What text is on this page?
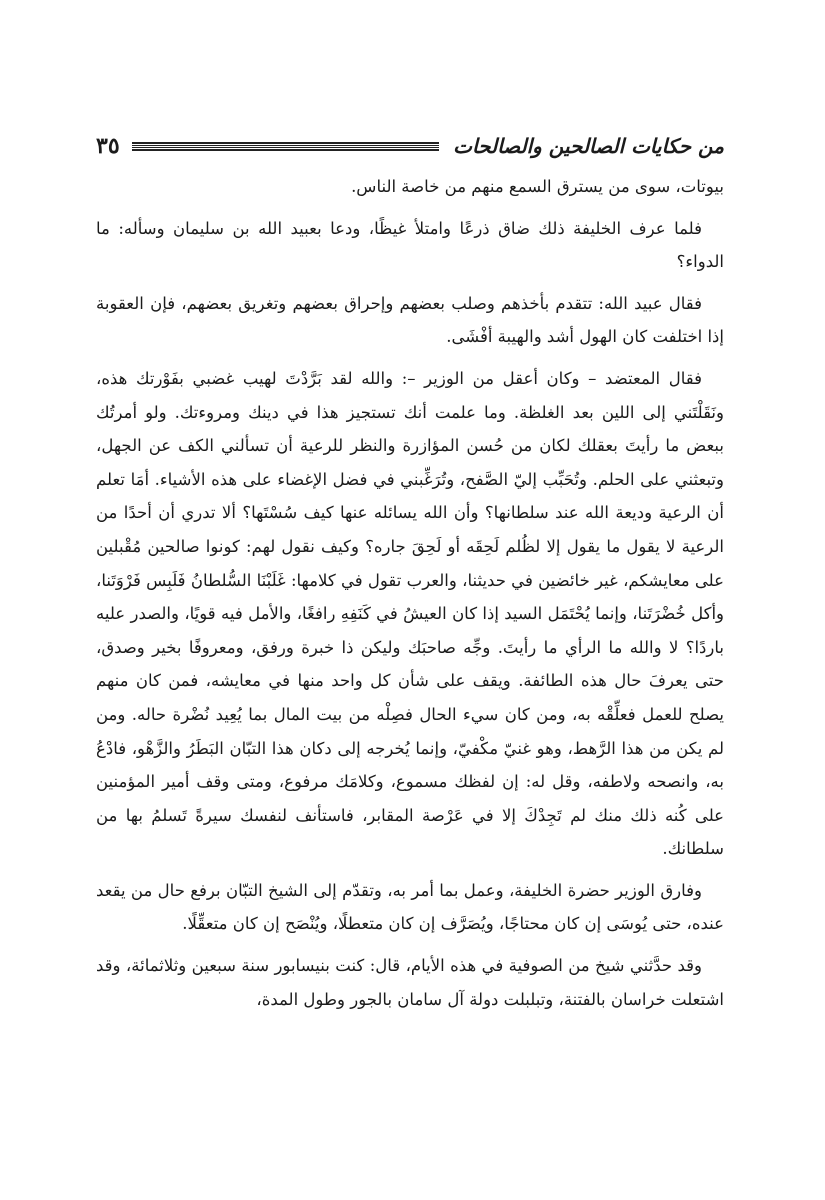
من حكايات الصالحين والصالحات
٣٥

بيوتات، سوى من يسترق السمع منهم من خاصة الناس.

فلما عرف الخليفة ذلك ضاق ذرعًا وامتلأ غيظًا، ودعا بعبيد الله بن سليمان وسأله: ما الدواء؟

فقال عبيد الله: تتقدم بأخذهم وصلب بعضهم وإحراق بعضهم وتغريق بعضهم، فإن العقوبة إذا اختلفت كان الهول أشد والهيبة أفْشَى.

فقال المعتضد – وكان أعقل من الوزير –: والله لقد بَرَّدْتَ لهيب غضبي بفَوْرتك هذه، ونَقَلْتَني إلى اللين بعد الغلظة. وما علمت أنك تستجيز هذا في دينك ومروءتك. ولو أمرتُك ببعض ما رأيتَ بعقلك لكان من حُسن المؤازرة والنظر للرعية أن تسألني الكف عن الجهل، وتبعثني على الحلم. وتُحَبِّب إليّ الصَّفح، وتُرَغِّبني في فضل الإغضاء على هذه الأشياء. أمَا تعلم أن الرعية وديعة الله عند سلطانها؟ وأن الله يسائله عنها كيف سُسْتَها؟ ألا تدري أن أحدًا من الرعية لا يقول ما يقول إلا لظُلم لَحِقَه أو لَحِقَ جاره؟ وكيف نقول لهم: كونوا صالحين مُقْبلين على معايشكم، غير خائضين في حديثنا، والعرب تقول في كلامها: غَلَبْنَا السُّلطانُ فَلَبِس فَرْوَتَنا، وأكل خُضْرَتَنا، وإنما يُحْتَمَل السيد إذا كان العيشُ في كَنَفِهِ رافغًا، والأمل فيه قويًا، والصدر عليه باردًا؟ لا والله ما الرأي ما رأيتَ. وجِّه صاحبَك وليكن ذا خبرة ورفق، ومعروفًا بخير وصدق، حتى يعرفَ حال هذه الطائفة. ويقف على شأن كل واحد منها في معايشه، فمن كان منهم يصلح للعمل فعلِّقْه به، ومن كان سيء الحال فصِلْه من بيت المال بما يُعِيد نُضْرة حاله. ومن لم يكن من هذا الرَّهط، وهو غنيّ مكْفيّ، وإنما يُخرجه إلى دكان هذا التبّان البَطَرُ والزَّهْو، فادْعُ به، وانصحه ولاطفه، وقل له: إن لفظك مسموع، وكلامَك مرفوع، ومتى وقف أمير المؤمنين على كُنه ذلك منك لم تَجِدْكَ إلا في عَرْصة المقابر، فاستأنف لنفسك سيرةً تَسلمُ بها من سلطانك.

وفارق الوزير حضرة الخليفة، وعمل بما أمر به، وتقدّم إلى الشيخ التبّان برفع حال من يقعد عنده، حتى يُوسَى إن كان محتاجًا، ويُصَرَّف إن كان متعطلًا، ويُنْصَح إن كان متعقِّلًا.

وقد حدَّثني شيخ من الصوفية في هذه الأيام، قال: كنت بنيسابور سنة سبعين وثلاثمائة، وقد اشتعلت خراسان بالفتنة، وتبلبلت دولة آل سامان بالجور وطول المدة،
